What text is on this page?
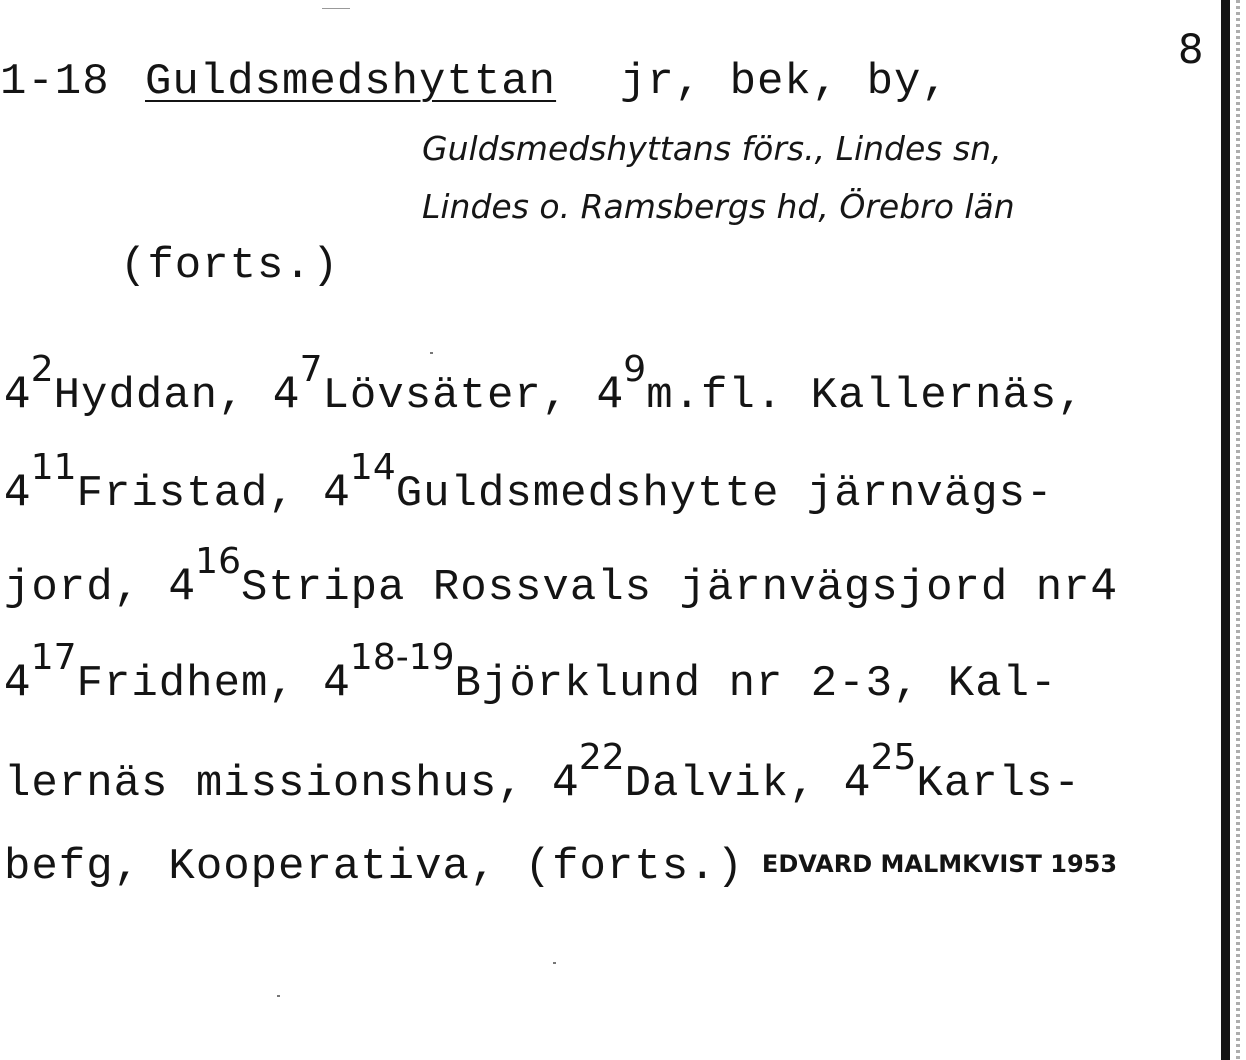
8
1-18 Guldsmedshyttan jr, bek, by,
Guldsmedshyttans förs., Lindes sn,
Lindes o. Ramsbergs hd, Örebro län
(forts.)
$4^2Hyddan$, $4^7Lövsäter$, $4^9m.fl$. Kallernäs,
$4^{11}Fristad$, $4^{14}Guldsmedshytte$ järnvägs-
jord, $4^{16}Stripa$ Rossvals järnvägsjord nr4
$4^{17}Fridhem$, 4$^{18-19}$Björklund nr 2-3, Kal-
lernäs missionshus, $4^{22}Dalvik$, $4^{25}Karls-$
befg, Kooperativa, (forts.) EDVARD MALMKVIST 1953
